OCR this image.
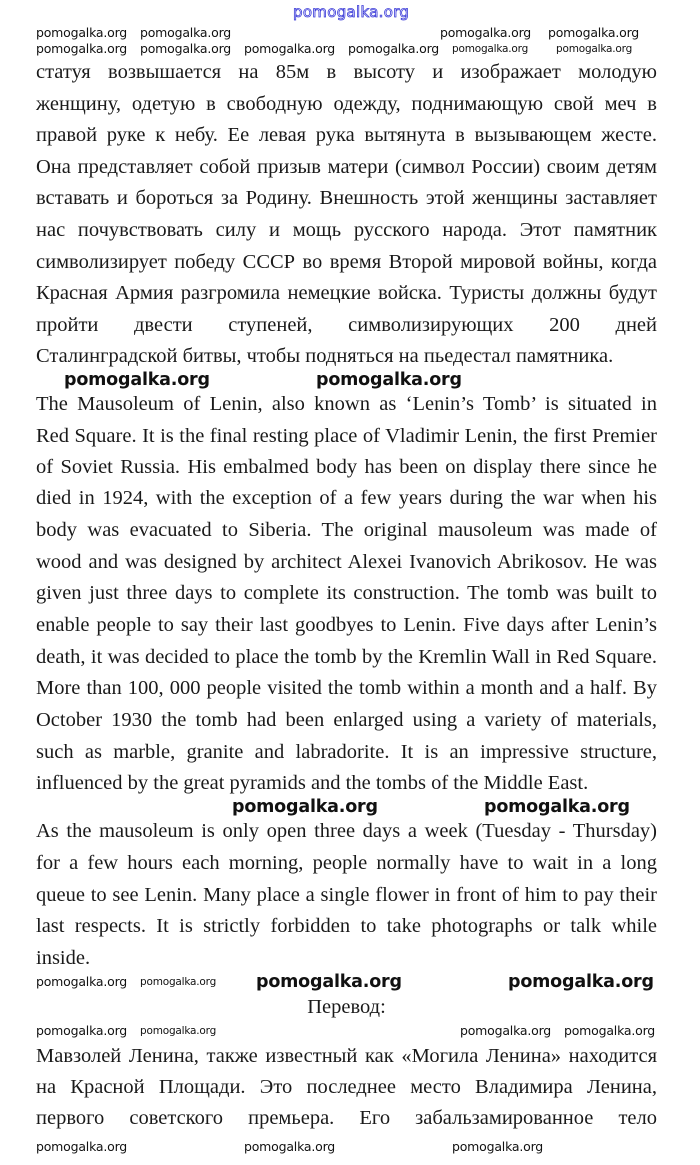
pomogalka.org
статуя возвышается на 85м в высоту и изображает молодую
женщину, одетую в свободную одежду, поднимающую свой меч в
правой руке к небу. Ее левая рука вытянута в вызывающем жесте.
Она представляет собой призыв матери (символ России) своим детям
вставать и бороться за Родину. Внешность этой женщины заставляет
нас почувствовать силу и мощь русского народа. Этот памятник
символизирует победу СССР во время Второй мировой войны, когда
Красная Армия разгромила немецкие войска. Туристы должны будут
пройти двести ступеней, символизирующих 200 дней
Сталинградской битвы, чтобы подняться на пьедестал памятника.
The Mausoleum of Lenin, also known as ‘Lenin’s Tomb’ is situated in
Red Square. It is the final resting place of Vladimir Lenin, the first Premier
of Soviet Russia. His embalmed body has been on display there since he
died in 1924, with the exception of a few years during the war when his
body was evacuated to Siberia. The original mausoleum was made of
wood and was designed by architect Alexei Ivanovich Abrikosov. He was
given just three days to complete its construction. The tomb was built to
enable people to say their last goodbyes to Lenin. Five days after Lenin’s
death, it was decided to place the tomb by the Kremlin Wall in Red Square.
More than 100, 000 people visited the tomb within a month and a half. By
October 1930 the tomb had been enlarged using a variety of materials,
such as marble, granite and labradorite. It is an impressive structure,
influenced by the great pyramids and the tombs of the Middle East.
As the mausoleum is only open three days a week (Tuesday - Thursday)
for a few hours each morning, people normally have to wait in a long
queue to see Lenin. Many place a single flower in front of him to pay their
last respects. It is strictly forbidden to take photographs or talk while
inside.
Перевод:
Мавзолей Ленина, также известный как «Могила Ленина» находится
на Красной Площади. Это последнее место Владимира Ленина,
первого советского премьера. Его забальзамированное тело
pomogalka.org pomogalka.org	pomogalka.org pomogalka.org
pomogalka.org pomogalka.org pomogalka.org pomogalka.org pomogalka.org	pomogalka.org
pomogalka.org	pomogalka.org
pomogalka.org	pomogalka.org
pomogalka.org pomogalka.org pomogalka.org	pomogalka.org
pomogalka.org pomogalka.org	pomogalka.org pomogalka.org
pomogalka.org	pomogalka.org	pomogalka.org
